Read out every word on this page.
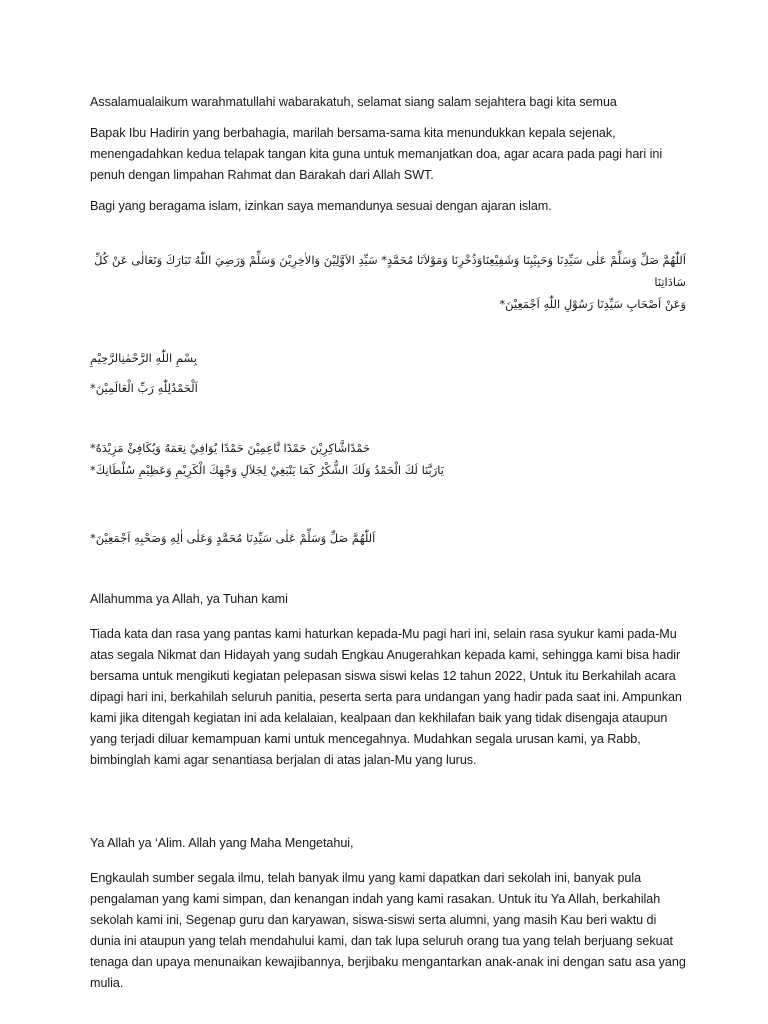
Assalamualaikum warahmatullahi wabarakatuh, selamat siang salam sejahtera bagi kita semua

Bapak Ibu Hadirin yang berbahagia, marilah bersama-sama kita menundukkan kepala sejenak, menengadahkan kedua telapak tangan kita guna untuk memanjatkan doa, agar acara pada pagi hari ini penuh dengan limpahan Rahmat dan Barakah dari Allah SWT.

Bagi yang beragama islam, izinkan saya memandunya sesuai dengan ajaran islam.

اَللّٰهُمَّ صَلِّ وَسَلِّمْ عَلٰى سَيِّدِنَا وَحَبِيْبِنَا وَشَفِيْعِنَاوَذُخْرِنَا وَمَوْلاَنَا مُحَمَّدٍ* سَيِّدِ الاَوَّلِيْنَ وَالاٰخِرِيْنَ وَسَلِّمْ وَرَضِيَ اللّٰهُ تَبَارَكَ وَتَعَالٰى عَنْ كُلِّ سَادَاتِنَا

وَعَنْ اَصْحَابِ سَيِّدِنَا رَسُوْلِ اللّٰهِ اَجْمَعِيْنَ*

بِسْمِ اللّٰهِ الرَّحْمٰنِالرَّحِيْمِ

اَلْحَمْدُلِلّٰهِ رَبِّ الْعَالَمِيْنَ*

حَمْدًاشَّاكِرِيْنَ حَمْدًا نَّاعِمِيْنَ حَمْدًا يُوَافِيْ نِعَمَهُ وَيُكَافِئْ مَزِيْدَهُ*

يَارَبَّنَا لَكَ الْحَمْدُ وَلَكَ الشُّكْرُ كَمَا يَنْبَغِيْ لِجَلاَلِ وَجْهِكَ الْكَرِيْمِ وَعَظِيْمِ سُلْطَانِكَ*

اَللّٰهُمَّ صَلِّ وَسَلِّمْ عَلٰى سَيِّدِنَا مُحَمَّدٍ وَعَلٰى اٰلِهِ وَصَحْبِهِ اَجْمَعِيْنَ*

Allahumma ya Allah, ya Tuhan kami

Tiada kata dan rasa yang pantas kami haturkan kepada-Mu pagi hari ini, selain rasa syukur kami pada-Mu atas segala Nikmat dan Hidayah yang sudah Engkau Anugerahkan kepada kami, sehingga kami bisa hadir bersama untuk mengikuti kegiatan pelepasan siswa siswi kelas 12 tahun 2022, Untuk itu Berkahilah acara dipagi hari ini, berkahilah seluruh panitia, peserta serta para undangan yang hadir pada saat ini. Ampunkan kami jika ditengah kegiatan ini ada kelalaian, kealpaan dan kekhilafan baik yang tidak disengaja ataupun yang terjadi diluar kemampuan kami untuk mencegahnya. Mudahkan segala urusan kami, ya Rabb, bimbinglah kami agar senantiasa berjalan di atas jalan-Mu yang lurus.

Ya Allah ya ‘Alim. Allah yang Maha Mengetahui,

Engkaulah sumber segala ilmu, telah banyak ilmu yang kami dapatkan dari sekolah ini, banyak pula pengalaman yang kami simpan, dan kenangan indah yang kami rasakan. Untuk itu Ya Allah, berkahilah sekolah kami ini, Segenap guru dan karyawan, siswa-siswi serta alumni, yang masih Kau beri waktu di dunia ini ataupun yang telah mendahului kami, dan tak lupa seluruh orang tua yang telah berjuang sekuat tenaga dan upaya menunaikan kewajibannya, berjibaku mengantarkan anak-anak ini dengan satu asa yang mulia.
